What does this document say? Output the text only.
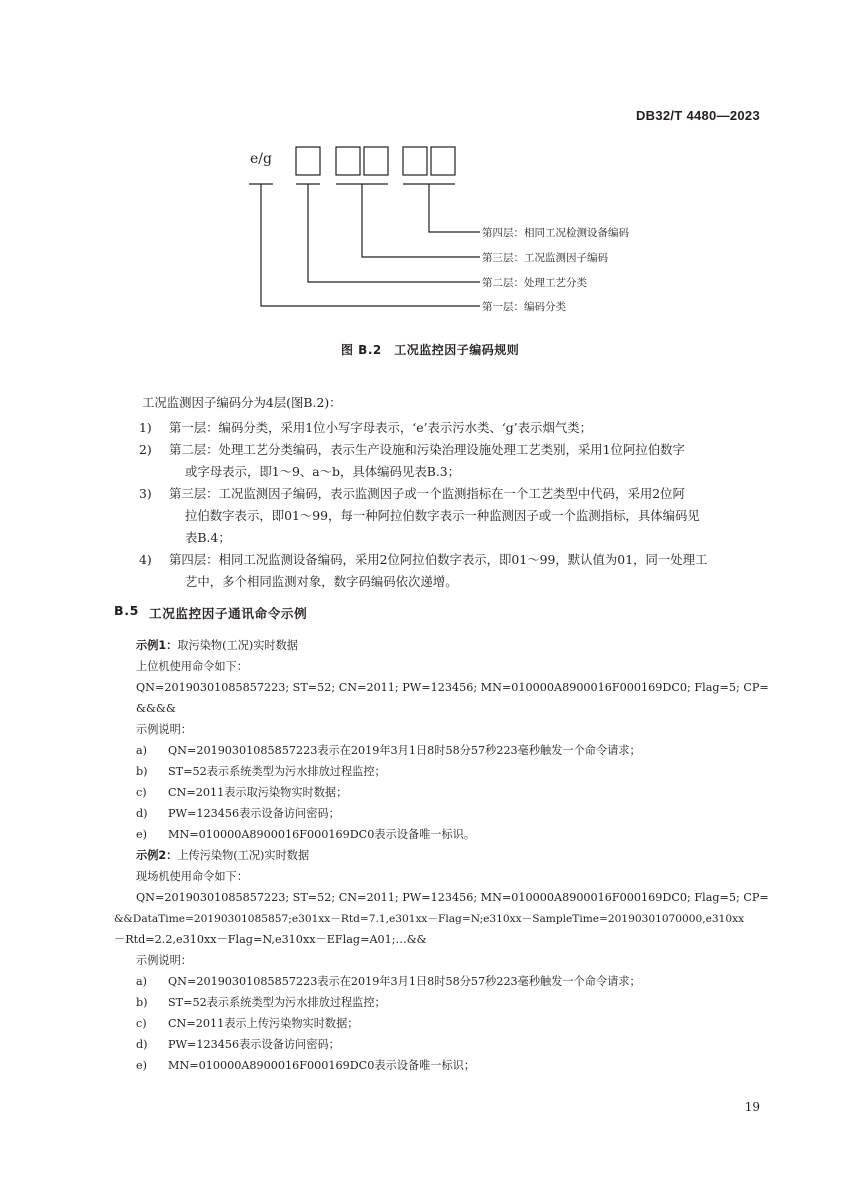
DB32/T 4480—2023
e/g
第四层：相同工况检测设备编码
第三层：工况监测因子编码
第二层：处理工艺分类
第一层：编码分类
图 B.2　工况监控因子编码规则
工况监测因子编码分为4层(图B.2)：
1) 第一层：编码分类，采用1位小写字母表示，‘e’表示污水类、‘g’表示烟气类；
2) 第二层：处理工艺分类编码，表示生产设施和污染治理设施处理工艺类别，采用1位阿拉伯数字
或字母表示，即1～9、a～b，具体编码见表B.3；
3) 第三层：工况监测因子编码，表示监测因子或一个监测指标在一个工艺类型中代码，采用2位阿
拉伯数字表示，即01～99，每一种阿拉伯数字表示一种监测因子或一个监测指标，具体编码见
表B.4；
4) 第四层：相同工况监测设备编码，采用2位阿拉伯数字表示，即01～99，默认值为01，同一处理工
艺中，多个相同监测对象，数字码编码依次递增。
B.5 工况监控因子通讯命令示例
示例1：取污染物(工况)实时数据
上位机使用命令如下：
QN=20190301085857223; ST=52; CN=2011; PW=123456; MN=010000A8900016F000169DC0; Flag=5; CP=
&&&&
示例说明：
a) QN=20190301085857223表示在2019年3月1日8时58分57秒223毫秒触发一个命令请求；
b) ST=52表示系统类型为污水排放过程监控；
c) CN=2011表示取污染物实时数据；
d) PW=123456表示设备访问密码；
e) MN=010000A8900016F000169DC0表示设备唯一标识。
示例2：上传污染物(工况)实时数据
现场机使用命令如下：
QN=20190301085857223; ST=52; CN=2011; PW=123456; MN=010000A8900016F000169DC0; Flag=5; CP=
&&DataTime=20190301085857;e301xx－Rtd=7.1,e301xx－Flag=N;e310xx－SampleTime=20190301070000,e310xx
－Rtd=2.2,e310xx－Flag=N,e310xx－EFlag=A01;…&&
示例说明：
a) QN=20190301085857223表示在2019年3月1日8时58分57秒223毫秒触发一个命令请求；
b) ST=52表示系统类型为污水排放过程监控；
c) CN=2011表示上传污染物实时数据；
d) PW=123456表示设备访问密码；
e) MN=010000A8900016F000169DC0表示设备唯一标识；
19
